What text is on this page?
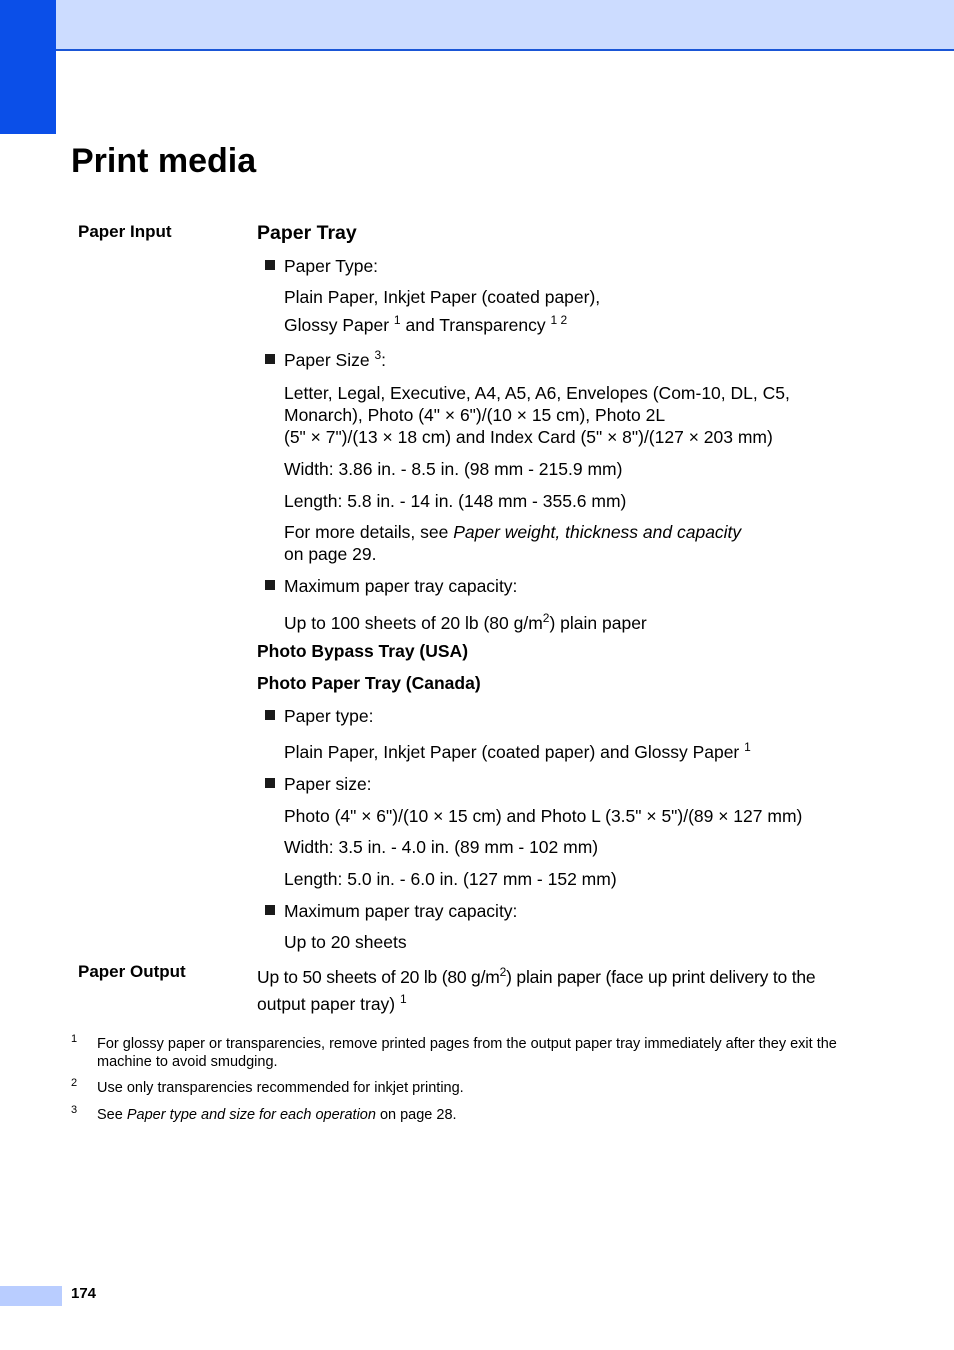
Print media
Paper Input
Paper Output
Paper Tray
Paper Type:
Plain Paper, Inkjet Paper (coated paper),
Glossy Paper $^1$ and Transparency $^{1 2}$
Paper Size $^3$:
Letter, Legal, Executive, A4, A5, A6, Envelopes (Com-10, DL, C5,
Monarch), Photo (4" × 6")/(10 × 15 cm), Photo 2L
(5" × 7")/(13 × 18 cm) and Index Card (5" × 8")/(127 × 203 mm)
Width: 3.86 in. - 8.5 in. (98 mm - 215.9 mm)
Length: 5.8 in. - 14 in. (148 mm - 355.6 mm)
For more details, see Paper weight, thickness and capacity
on page 29.
Maximum paper tray capacity:
Up to 100 sheets of 20 lb (80 $g/m^2$) plain paper
Photo Bypass Tray (USA)
Photo Paper Tray (Canada)
Paper type:
Plain Paper, Inkjet Paper (coated paper) and Glossy Paper $^1$
Paper size:
Photo (4" × 6")/(10 × 15 cm) and Photo L (3.5" × 5")/(89 × 127 mm)
Width: 3.5 in. - 4.0 in. (89 mm - 102 mm)
Length: 5.0 in. - 6.0 in. (127 mm - 152 mm)
Maximum paper tray capacity:
Up to 20 sheets
Up to 50 sheets of 20 lb (80 $g/m^2$) plain paper (face up print delivery to the
output paper tray) $^1$
1 For glossy paper or transparencies, remove printed pages from the output paper tray immediately after they exit the
machine to avoid smudging.
2 Use only transparencies recommended for inkjet printing.
3 See Paper type and size for each operation on page 28.
174
